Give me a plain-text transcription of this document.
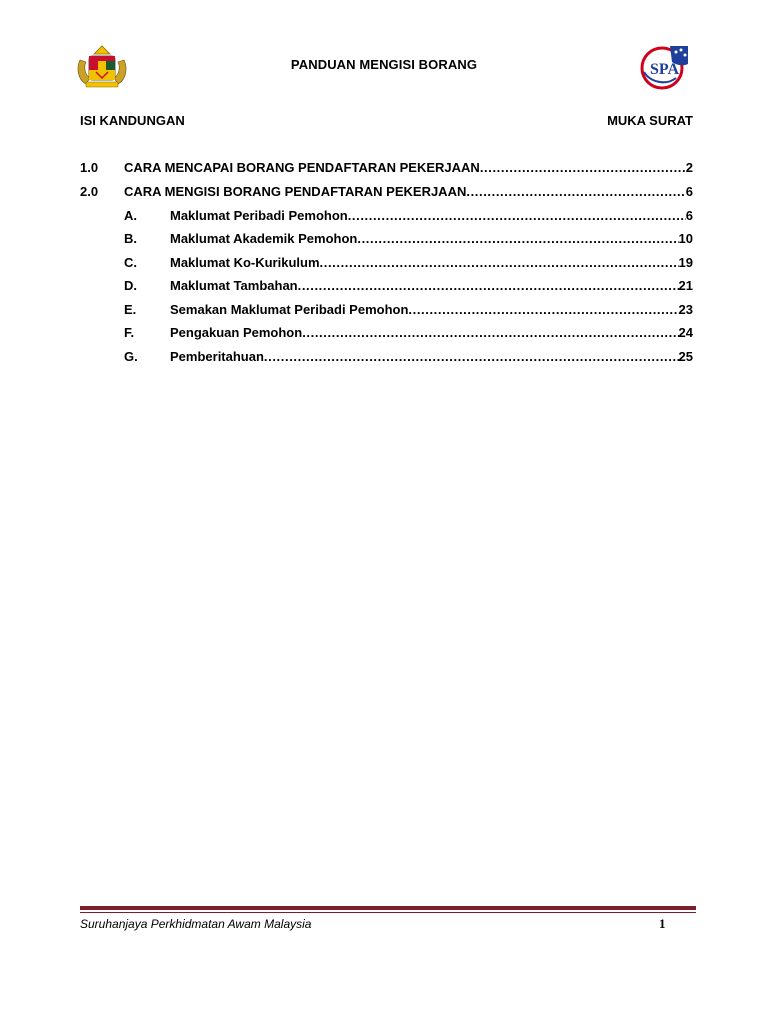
PANDUAN MENGISI BORANG	SPA
ISI KANDUNGAN	MUKA SURAT
1.0 CARA MENCAPAI BORANG PENDAFTARAN PEKERJAAN .....	2
2.0 CARA MENGISI BORANG PENDAFTARAN PEKERJAAN .....	6
A.	Maklumat Peribadi Pemohon .....	6
B.	Maklumat Akademik Pemohon .....	10
C.	Maklumat Ko-Kurikulum .....	19
D.	Maklumat Tambahan .....	21
E.	Semakan Maklumat Peribadi Pemohon .....	23
F.	Pengakuan Pemohon .....	24
G. Pemberitahuan .....	25
Suruhanjaya Perkhidmatan Awam Malaysia	1
